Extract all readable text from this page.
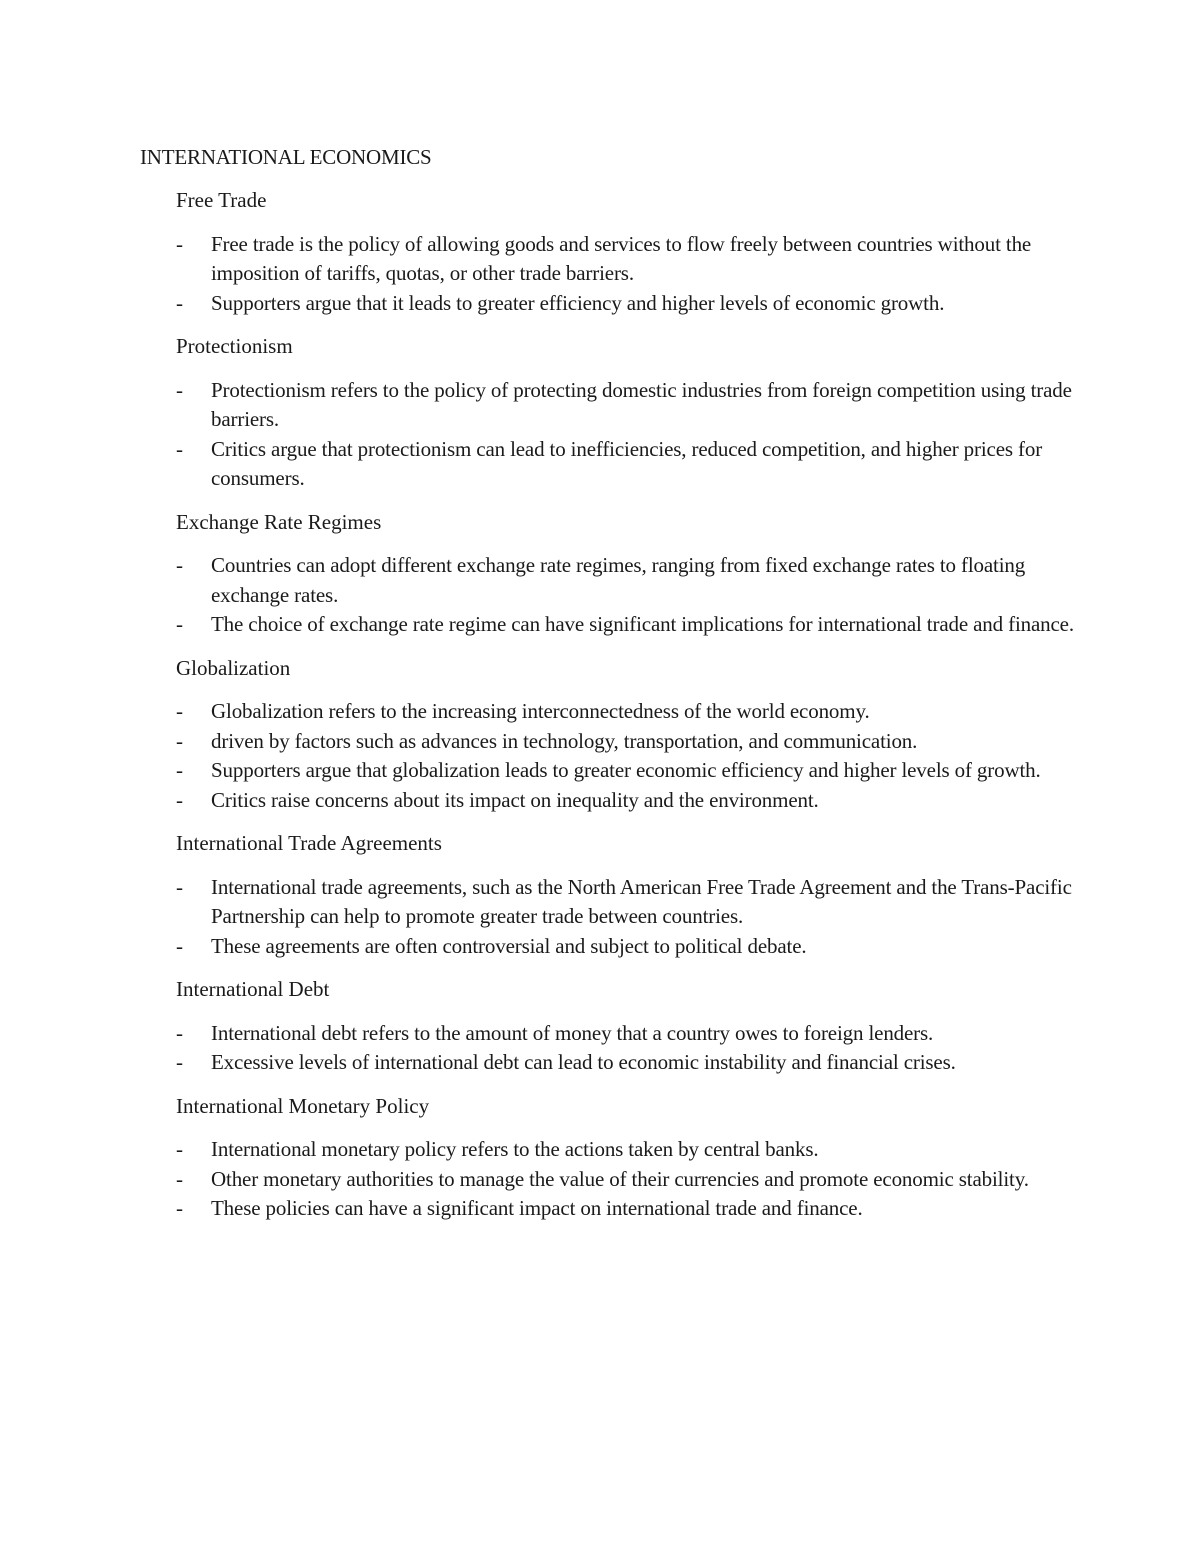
INTERNATIONAL ECONOMICS
Free Trade
-	Free trade is the policy of allowing goods and services to flow freely between countries without the imposition of tariffs, quotas, or other trade barriers.
-	Supporters argue that it leads to greater efficiency and higher levels of economic growth.
Protectionism
-	Protectionism refers to the policy of protecting domestic industries from foreign competition using trade barriers.
-	Critics argue that protectionism can lead to inefficiencies, reduced competition, and higher prices for consumers.
Exchange Rate Regimes
-	Countries can adopt different exchange rate regimes, ranging from fixed exchange rates to floating exchange rates.
-	The choice of exchange rate regime can have significant implications for international trade and finance.
Globalization
-	Globalization refers to the increasing interconnectedness of the world economy.
-	driven by factors such as advances in technology, transportation, and communication.
-	Supporters argue that globalization leads to greater economic efficiency and higher levels of growth.
-	Critics raise concerns about its impact on inequality and the environment.
International Trade Agreements
-	International trade agreements, such as the North American Free Trade Agreement and the Trans-Pacific Partnership can help to promote greater trade between countries.
-	These agreements are often controversial and subject to political debate.
International Debt
-	International debt refers to the amount of money that a country owes to foreign lenders.
-	Excessive levels of international debt can lead to economic instability and financial crises.
International Monetary Policy
-	International monetary policy refers to the actions taken by central banks.
-	Other monetary authorities to manage the value of their currencies and promote economic stability.
-	These policies can have a significant impact on international trade and finance.
